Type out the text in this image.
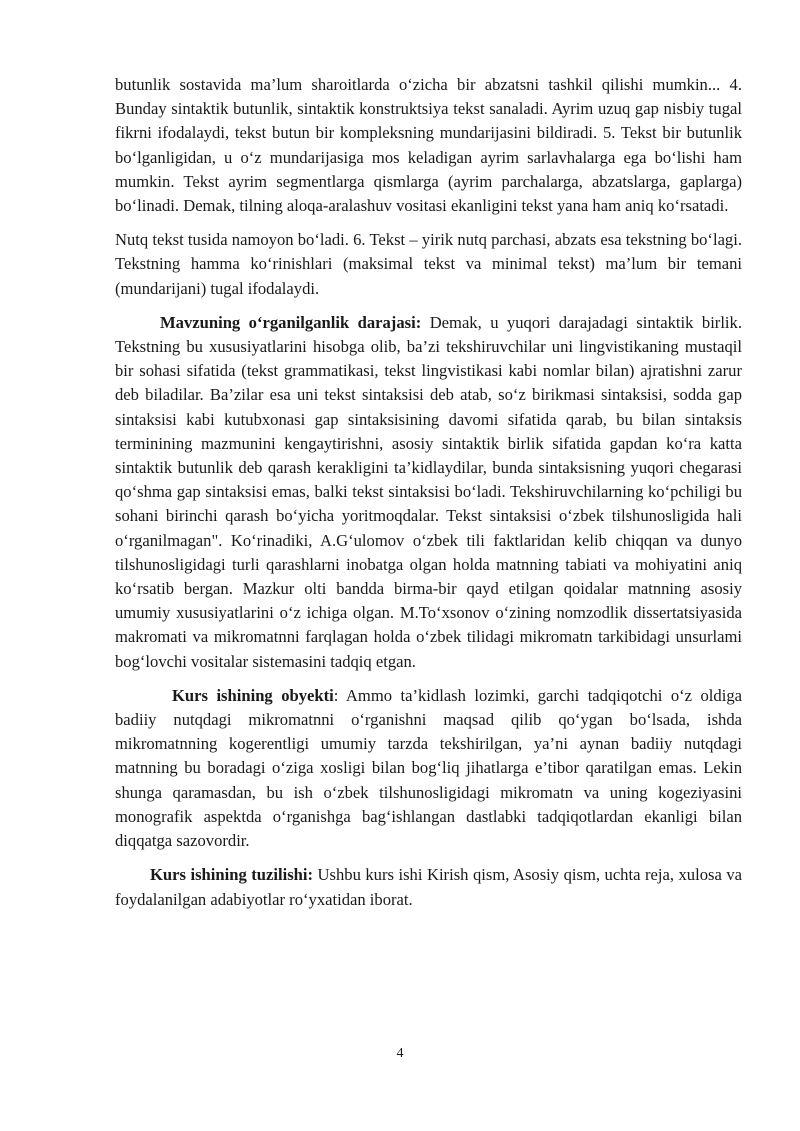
butunlik sostavida ma’lum sharoitlarda o‘zicha bir abzatsni tashkil qilishi mumkin... 4. Bunday sintaktik butunlik, sintaktik konstruktsiya tekst sanaladi. Ayrim uzuq gap nisbiy tugal fikrni ifodalaydi, tekst butun bir kompleksning mundarijasini bildiradi. 5. Tekst bir butunlik bo‘lganligidan, u o‘z mundarijasiga mos keladigan ayrim sarlavhalarga ega bo‘lishi ham mumkin. Tekst ayrim segmentlarga qismlarga (ayrim parchalarga, abzatslarga, gaplarga) bo‘linadi. Demak, tilning aloqa-aralashuv vositasi ekanligini tekst yana ham aniq ko‘rsatadi.

Nutq tekst tusida namoyon bo‘ladi. 6. Tekst – yirik nutq parchasi, abzats esa tekstning bo‘lagi. Tekstning hamma ko‘rinishlari (maksimal tekst va minimal tekst) ma’lum bir temani (mundarijani) tugal ifodalaydi.

Mavzuning o‘rganilganlik darajasi: Demak, u yuqori darajadagi sintaktik birlik. Tekstning bu xususiyatlarini hisobga olib, ba’zi tekshiruvchilar uni lingvistikaning mustaqil bir sohasi sifatida (tekst grammatikasi, tekst lingvistikasi kabi nomlar bilan) ajratishni zarur deb biladilar. Ba’zilar esa uni tekst sintaksisi deb atab, so‘z birikmasi sintaksisi, sodda gap sintaksisi kabi kutubxonasi gap sintaksisining davomi sifatida qarab, bu bilan sintaksis terminining mazmunini kengaytirishni, asosiy sintaktik birlik sifatida gapdan ko‘ra katta sintaktik butunlik deb qarash kerakligini ta’kidlaydilar, bunda sintaksisning yuqori chegarasi qo‘shma gap sintaksisi emas, balki tekst sintaksisi bo‘ladi. Tekshiruvchilarning ko‘pchiligi bu sohani birinchi qarash bo‘yicha yoritmoqdalar. Tekst sintaksisi o‘zbek tilshunosligida hali o‘rganilmagan". Ko‘rinadiki, A.G‘ulomov o‘zbek tili faktlaridan kelib chiqqan va dunyo tilshunosligidagi turli qarashlarni inobatga olgan holda matnning tabiati va mohiyatini aniq ko‘rsatib bergan. Mazkur olti bandda birma-bir qayd etilgan qoidalar matnning asosiy umumiy xususiyatlarini o‘z ichiga olgan. M.To‘xsonov o‘zining nomzodlik dissertatsiyasida makromati va mikromatnni farqlagan holda o‘zbek tilidagi mikromatn tarkibidagi unsurlami bog‘lovchi vositalar sistemasini tadqiq etgan.

Kurs ishining obyekti: Ammo ta’kidlash lozimki, garchi tadqiqotchi o‘z oldiga badiiy nutqdagi mikromatnni o‘rganishni maqsad qilib qo‘ygan bo‘lsada, ishda mikromatnning kogerentligi umumiy tarzda tekshirilgan, ya’ni aynan badiiy nutqdagi matnning bu boradagi o‘ziga xosligi bilan bog‘liq jihatlarga e’tibor qaratilgan emas. Lekin shunga qaramasdan, bu ish o‘zbek tilshunosligidagi mikromatn va uning kogeziyasini monografik aspektda o‘rganishga bag‘ishlangan dastlabki tadqiqotlardan ekanligi bilan diqqatga sazovordir.

Kurs ishining tuzilishi: Ushbu kurs ishi Kirish qism, Asosiy qism, uchta reja, xulosa va foydalanilgan adabiyotlar ro‘yxatidan iborat.

4
